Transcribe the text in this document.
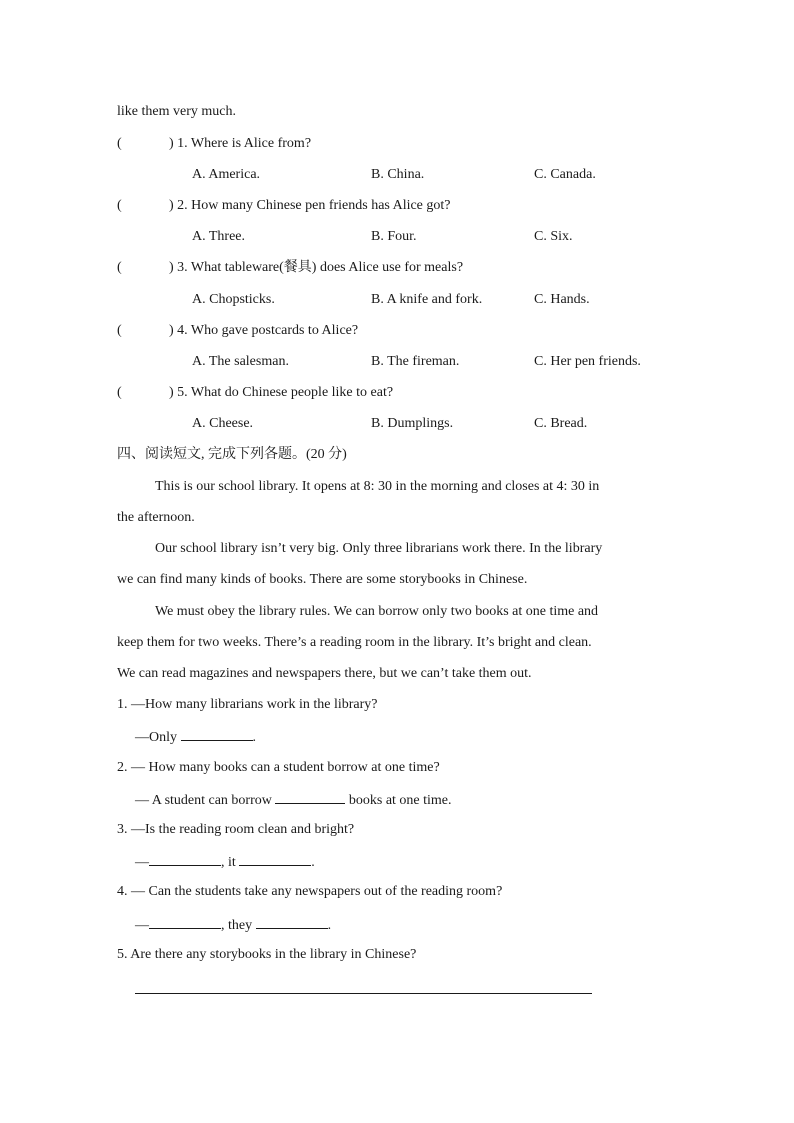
like them very much.
(	) 1. Where is Alice from?
A. America.	B. China.	C. Canada.
(	) 2. How many Chinese pen friends has Alice got?
A. Three.	B. Four.	C. Six.
(	) 3. What tableware(餐具) does Alice use for meals?
A. Chopsticks.	B. A knife and fork.	C. Hands.
(	) 4. Who gave postcards to Alice?
A. The salesman.	B. The fireman.	C. Her pen friends.
(	) 5. What do Chinese people like to eat?
A. Cheese.	B. Dumplings.	C. Bread.
四、阅读短文, 完成下列各题。(20 分)
This is our school library. It opens at 8: 30 in the morning and closes at 4: 30 in
the afternoon.
Our school library isn’t very big. Only three librarians work there. In the library
we can find many kinds of books. There are some storybooks in Chinese.
We must obey the library rules. We can borrow only two books at one time and
keep them for two weeks. There’s a reading room in the library. It’s bright and clean.
We can read magazines and newspapers there, but we can’t take them out.
1. —How many librarians work in the library?
—Only	.
2. — How many books can a student borrow at one time?
— A student can borrow	books at one time.
3. —Is the reading room clean and bright?
—	, it	.
4. — Can the students take any newspapers out of the reading room?
—	, they	.
5. Are there any storybooks in the library in Chinese?
